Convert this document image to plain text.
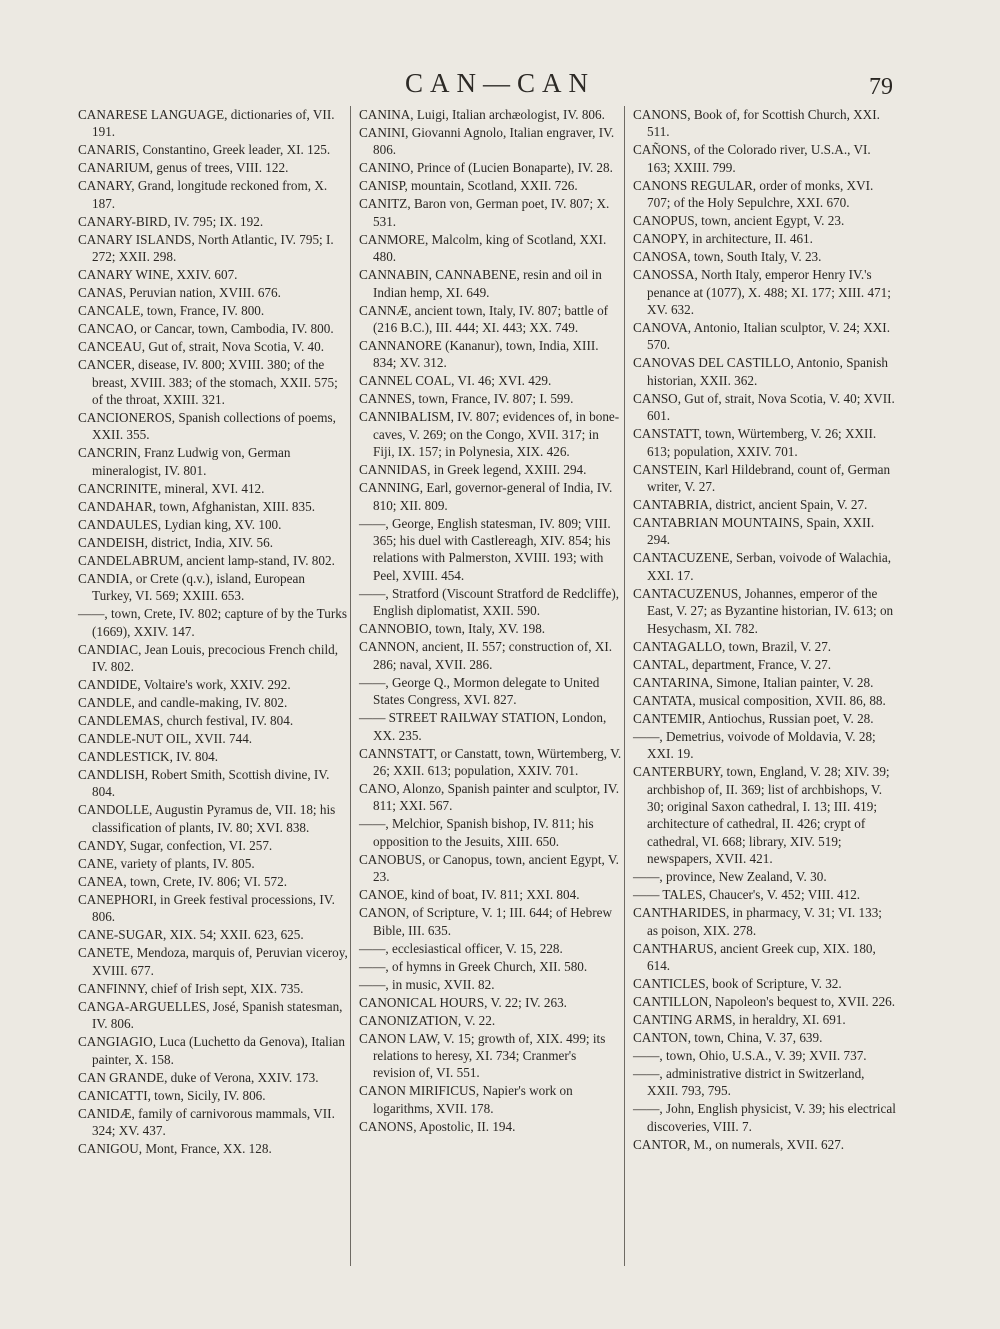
CAN—CAN	79

CANARESE LANGUAGE, dictionaries of, VII. 191.

CANARIS, Constantino, Greek leader, XI. 125.

CANARIUM, genus of trees, VIII. 122.

CANARY, Grand, longitude reckoned from, X. 187.

CANARY-BIRD, IV. 795; IX. 192.

CANARY ISLANDS, North Atlantic, IV. 795; I. 272; XXII. 298.

CANARY WINE, XXIV. 607.

CANAS, Peruvian nation, XVIII. 676.

CANCALE, town, France, IV. 800.

CANCAO, or Cancar, town, Cambodia, IV. 800.

CANCEAU, Gut of, strait, Nova Scotia, V. 40.

CANCER, disease, IV. 800; XVIII. 380; of the breast, XVIII. 383; of the stomach, XXII. 575; of the throat, XXIII. 321.

CANCIONEROS, Spanish collections of poems, XXII. 355.

CANCRIN, Franz Ludwig von, German mineralogist, IV. 801.

CANCRINITE, mineral, XVI. 412.

CANDAHAR, town, Afghanistan, XIII. 835.

CANDAULES, Lydian king, XV. 100.

CANDEISH, district, India, XIV. 56.

CANDELABRUM, ancient lamp-stand, IV. 802.

CANDIA, or Crete (q.v.), island, European Turkey, VI. 569; XXIII. 653.

——, town, Crete, IV. 802; capture of by the Turks (1669), XXIV. 147.

CANDIAC, Jean Louis, precocious French child, IV. 802.

CANDIDE, Voltaire's work, XXIV. 292.

CANDLE, and candle-making, IV. 802.

CANDLEMAS, church festival, IV. 804.

CANDLE-NUT OIL, XVII. 744.

CANDLESTICK, IV. 804.

CANDLISH, Robert Smith, Scottish divine, IV. 804.

CANDOLLE, Augustin Pyramus de, VII. 18; his classification of plants, IV. 80; XVI. 838.

CANDY, Sugar, confection, VI. 257.

CANE, variety of plants, IV. 805.

CANEA, town, Crete, IV. 806; VI. 572.

CANEPHORI, in Greek festival processions, IV. 806.

CANE-SUGAR, XIX. 54; XXII. 623, 625.

CANETE, Mendoza, marquis of, Peruvian viceroy, XVIII. 677.

CANFINNY, chief of Irish sept, XIX. 735.

CANGA-ARGUELLES, José, Spanish statesman, IV. 806.

CANGIAGIO, Luca (Luchetto da Genova), Italian painter, X. 158.

CAN GRANDE, duke of Verona, XXIV. 173.

CANICATTI, town, Sicily, IV. 806.

CANIDÆ, family of carnivorous mammals, VII. 324; XV. 437.

CANIGOU, Mont, France, XX. 128.

CANINA, Luigi, Italian archæologist, IV. 806.

CANINI, Giovanni Agnolo, Italian engraver, IV. 806.

CANINO, Prince of (Lucien Bonaparte), IV. 28.

CANISP, mountain, Scotland, XXII. 726.

CANITZ, Baron von, German poet, IV. 807; X. 531.

CANMORE, Malcolm, king of Scotland, XXI. 480.

CANNABIN, CANNABENE, resin and oil in Indian hemp, XI. 649.

CANNÆ, ancient town, Italy, IV. 807; battle of (216 B.C.), III. 444; XI. 443; XX. 749.

CANNANORE (Kananur), town, India, XIII. 834; XV. 312.

CANNEL COAL, VI. 46; XVI. 429.

CANNES, town, France, IV. 807; I. 599.

CANNIBALISM, IV. 807; evidences of, in bone-caves, V. 269; on the Congo, XVII. 317; in Fiji, IX. 157; in Polynesia, XIX. 426.

CANNIDAS, in Greek legend, XXIII. 294.

CANNING, Earl, governor-general of India, IV. 810; XII. 809.

——, George, English statesman, IV. 809; VIII. 365; his duel with Castlereagh, XIV. 854; his relations with Palmerston, XVIII. 193; with Peel, XVIII. 454.

——, Stratford (Viscount Stratford de Redcliffe), English diplomatist, XXII. 590.

CANNOBIO, town, Italy, XV. 198.

CANNON, ancient, II. 557; construction of, XI. 286; naval, XVII. 286.

——, George Q., Mormon delegate to United States Congress, XVI. 827.

—— STREET RAILWAY STATION, London, XX. 235.

CANNSTATT, or Canstatt, town, Würtemberg, V. 26; XXII. 613; population, XXIV. 701.

CANO, Alonzo, Spanish painter and sculptor, IV. 811; XXI. 567.

——, Melchior, Spanish bishop, IV. 811; his opposition to the Jesuits, XIII. 650.

CANOBUS, or Canopus, town, ancient Egypt, V. 23.

CANOE, kind of boat, IV. 811; XXI. 804.

CANON, of Scripture, V. 1; III. 644; of Hebrew Bible, III. 635.

——, ecclesiastical officer, V. 15, 228.

——, of hymns in Greek Church, XII. 580.

——, in music, XVII. 82.

CANONICAL HOURS, V. 22; IV. 263.

CANONIZATION, V. 22.

CANON LAW, V. 15; growth of, XIX. 499; its relations to heresy, XI. 734; Cranmer's revision of, VI. 551.

CANON MIRIFICUS, Napier's work on logarithms, XVII. 178.

CANONS, Apostolic, II. 194.

CANONS, Book of, for Scottish Church, XXI. 511.

CAÑONS, of the Colorado river, U.S.A., VI. 163; XXIII. 799.

CANONS REGULAR, order of monks, XVI. 707; of the Holy Sepulchre, XXI. 670.

CANOPUS, town, ancient Egypt, V. 23.

CANOPY, in architecture, II. 461.

CANOSA, town, South Italy, V. 23.

CANOSSA, North Italy, emperor Henry IV.'s penance at (1077), X. 488; XI. 177; XIII. 471; XV. 632.

CANOVA, Antonio, Italian sculptor, V. 24; XXI. 570.

CANOVAS DEL CASTILLO, Antonio, Spanish historian, XXII. 362.

CANSO, Gut of, strait, Nova Scotia, V. 40; XVII. 601.

CANSTATT, town, Würtemberg, V. 26; XXII. 613; population, XXIV. 701.

CANSTEIN, Karl Hildebrand, count of, German writer, V. 27.

CANTABRIA, district, ancient Spain, V. 27.

CANTABRIAN MOUNTAINS, Spain, XXII. 294.

CANTACUZENE, Serban, voivode of Walachia, XXI. 17.

CANTACUZENUS, Johannes, emperor of the East, V. 27; as Byzantine historian, IV. 613; on Hesychasm, XI. 782.

CANTAGALLO, town, Brazil, V. 27.

CANTAL, department, France, V. 27.

CANTARINA, Simone, Italian painter, V. 28.

CANTATA, musical composition, XVII. 86, 88.

CANTEMIR, Antiochus, Russian poet, V. 28.

——, Demetrius, voivode of Moldavia, V. 28; XXI. 19.

CANTERBURY, town, England, V. 28; XIV. 39; archbishop of, II. 369; list of archbishops, V. 30; original Saxon cathedral, I. 13; III. 419; architecture of cathedral, II. 426; crypt of cathedral, VI. 668; library, XIV. 519; newspapers, XVII. 421.

——, province, New Zealand, V. 30.

—— TALES, Chaucer's, V. 452; VIII. 412.

CANTHARIDES, in pharmacy, V. 31; VI. 133; as poison, XIX. 278.

CANTHARUS, ancient Greek cup, XIX. 180, 614.

CANTICLES, book of Scripture, V. 32.

CANTILLON, Napoleon's bequest to, XVII. 226.

CANTING ARMS, in heraldry, XI. 691.

CANTON, town, China, V. 37, 639.

——, town, Ohio, U.S.A., V. 39; XVII. 737.

——, administrative district in Switzerland, XXII. 793, 795.

——, John, English physicist, V. 39; his electrical discoveries, VIII. 7.

CANTOR, M., on numerals, XVII. 627.
